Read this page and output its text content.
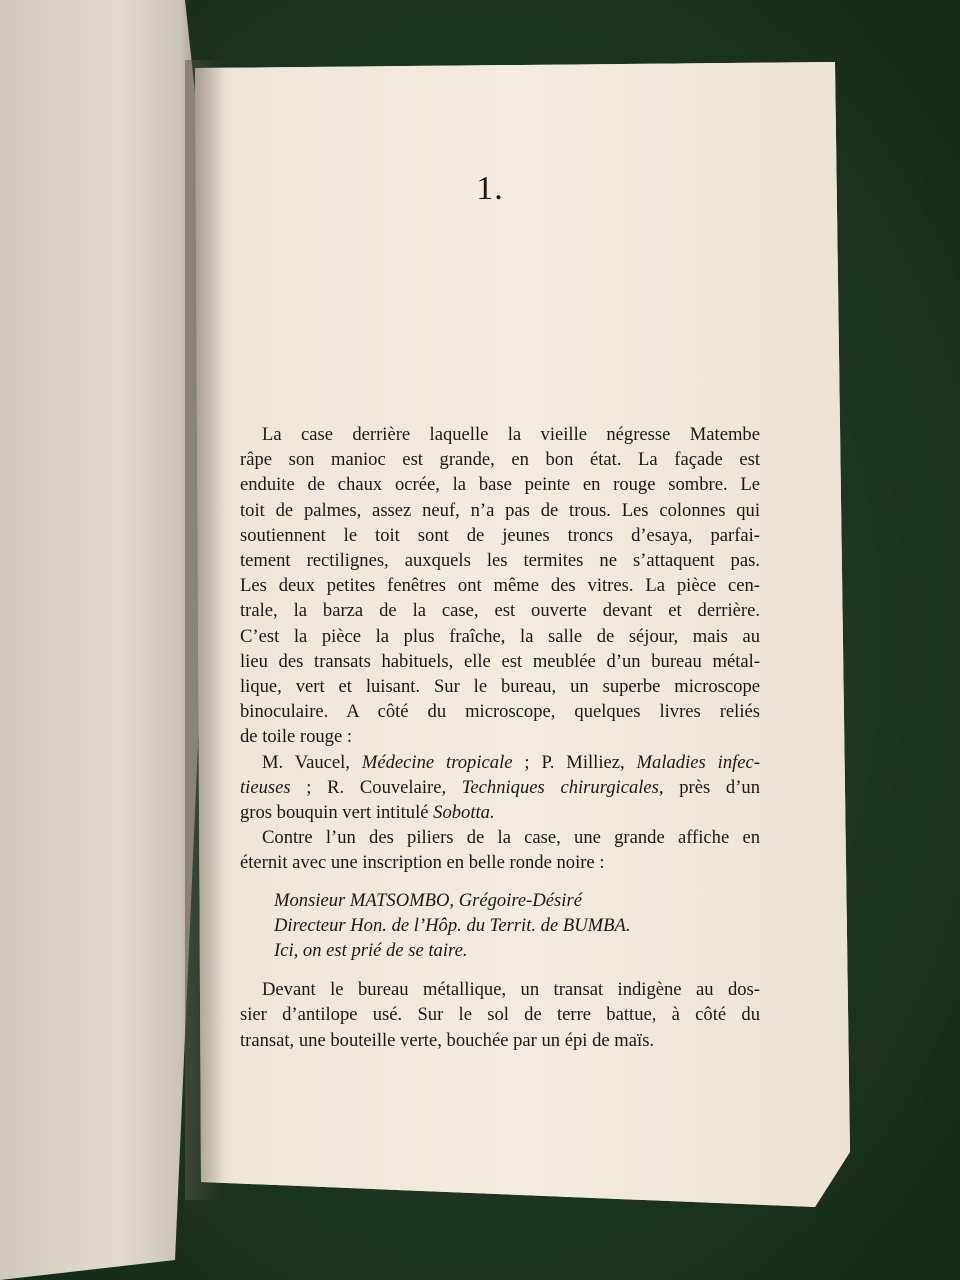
1.
La case derrière laquelle la vieille négresse Matembe
râpe son manioc est grande, en bon état. La façade est
enduite de chaux ocrée, la base peinte en rouge sombre. Le
toit de palmes, assez neuf, n’a pas de trous. Les colonnes qui
soutiennent le toit sont de jeunes troncs d’esaya, parfai-
tement rectilignes, auxquels les termites ne s’attaquent pas.
Les deux petites fenêtres ont même des vitres. La pièce cen-
trale, la barza de la case, est ouverte devant et derrière.
C’est la pièce la plus fraîche, la salle de séjour, mais au
lieu des transats habituels, elle est meublée d’un bureau métal-
lique, vert et luisant. Sur le bureau, un superbe microscope
binoculaire. A côté du microscope, quelques livres reliés
de toile rouge :
M. Vaucel, Médecine tropicale ; P. Milliez, Maladies infec-
tieuses ; R. Couvelaire, Techniques chirurgicales, près d’un
gros bouquin vert intitulé Sobotta.
Contre l’un des piliers de la case, une grande affiche en
éternit avec une inscription en belle ronde noire :
Monsieur MATSOMBO, Grégoire-Désiré
Directeur Hon. de l’Hôp. du Territ. de BUMBA.
Ici, on est prié de se taire.
Devant le bureau métallique, un transat indigène au dos-
sier d’antilope usé. Sur le sol de terre battue, à côté du
transat, une bouteille verte, bouchée par un épi de maïs.
